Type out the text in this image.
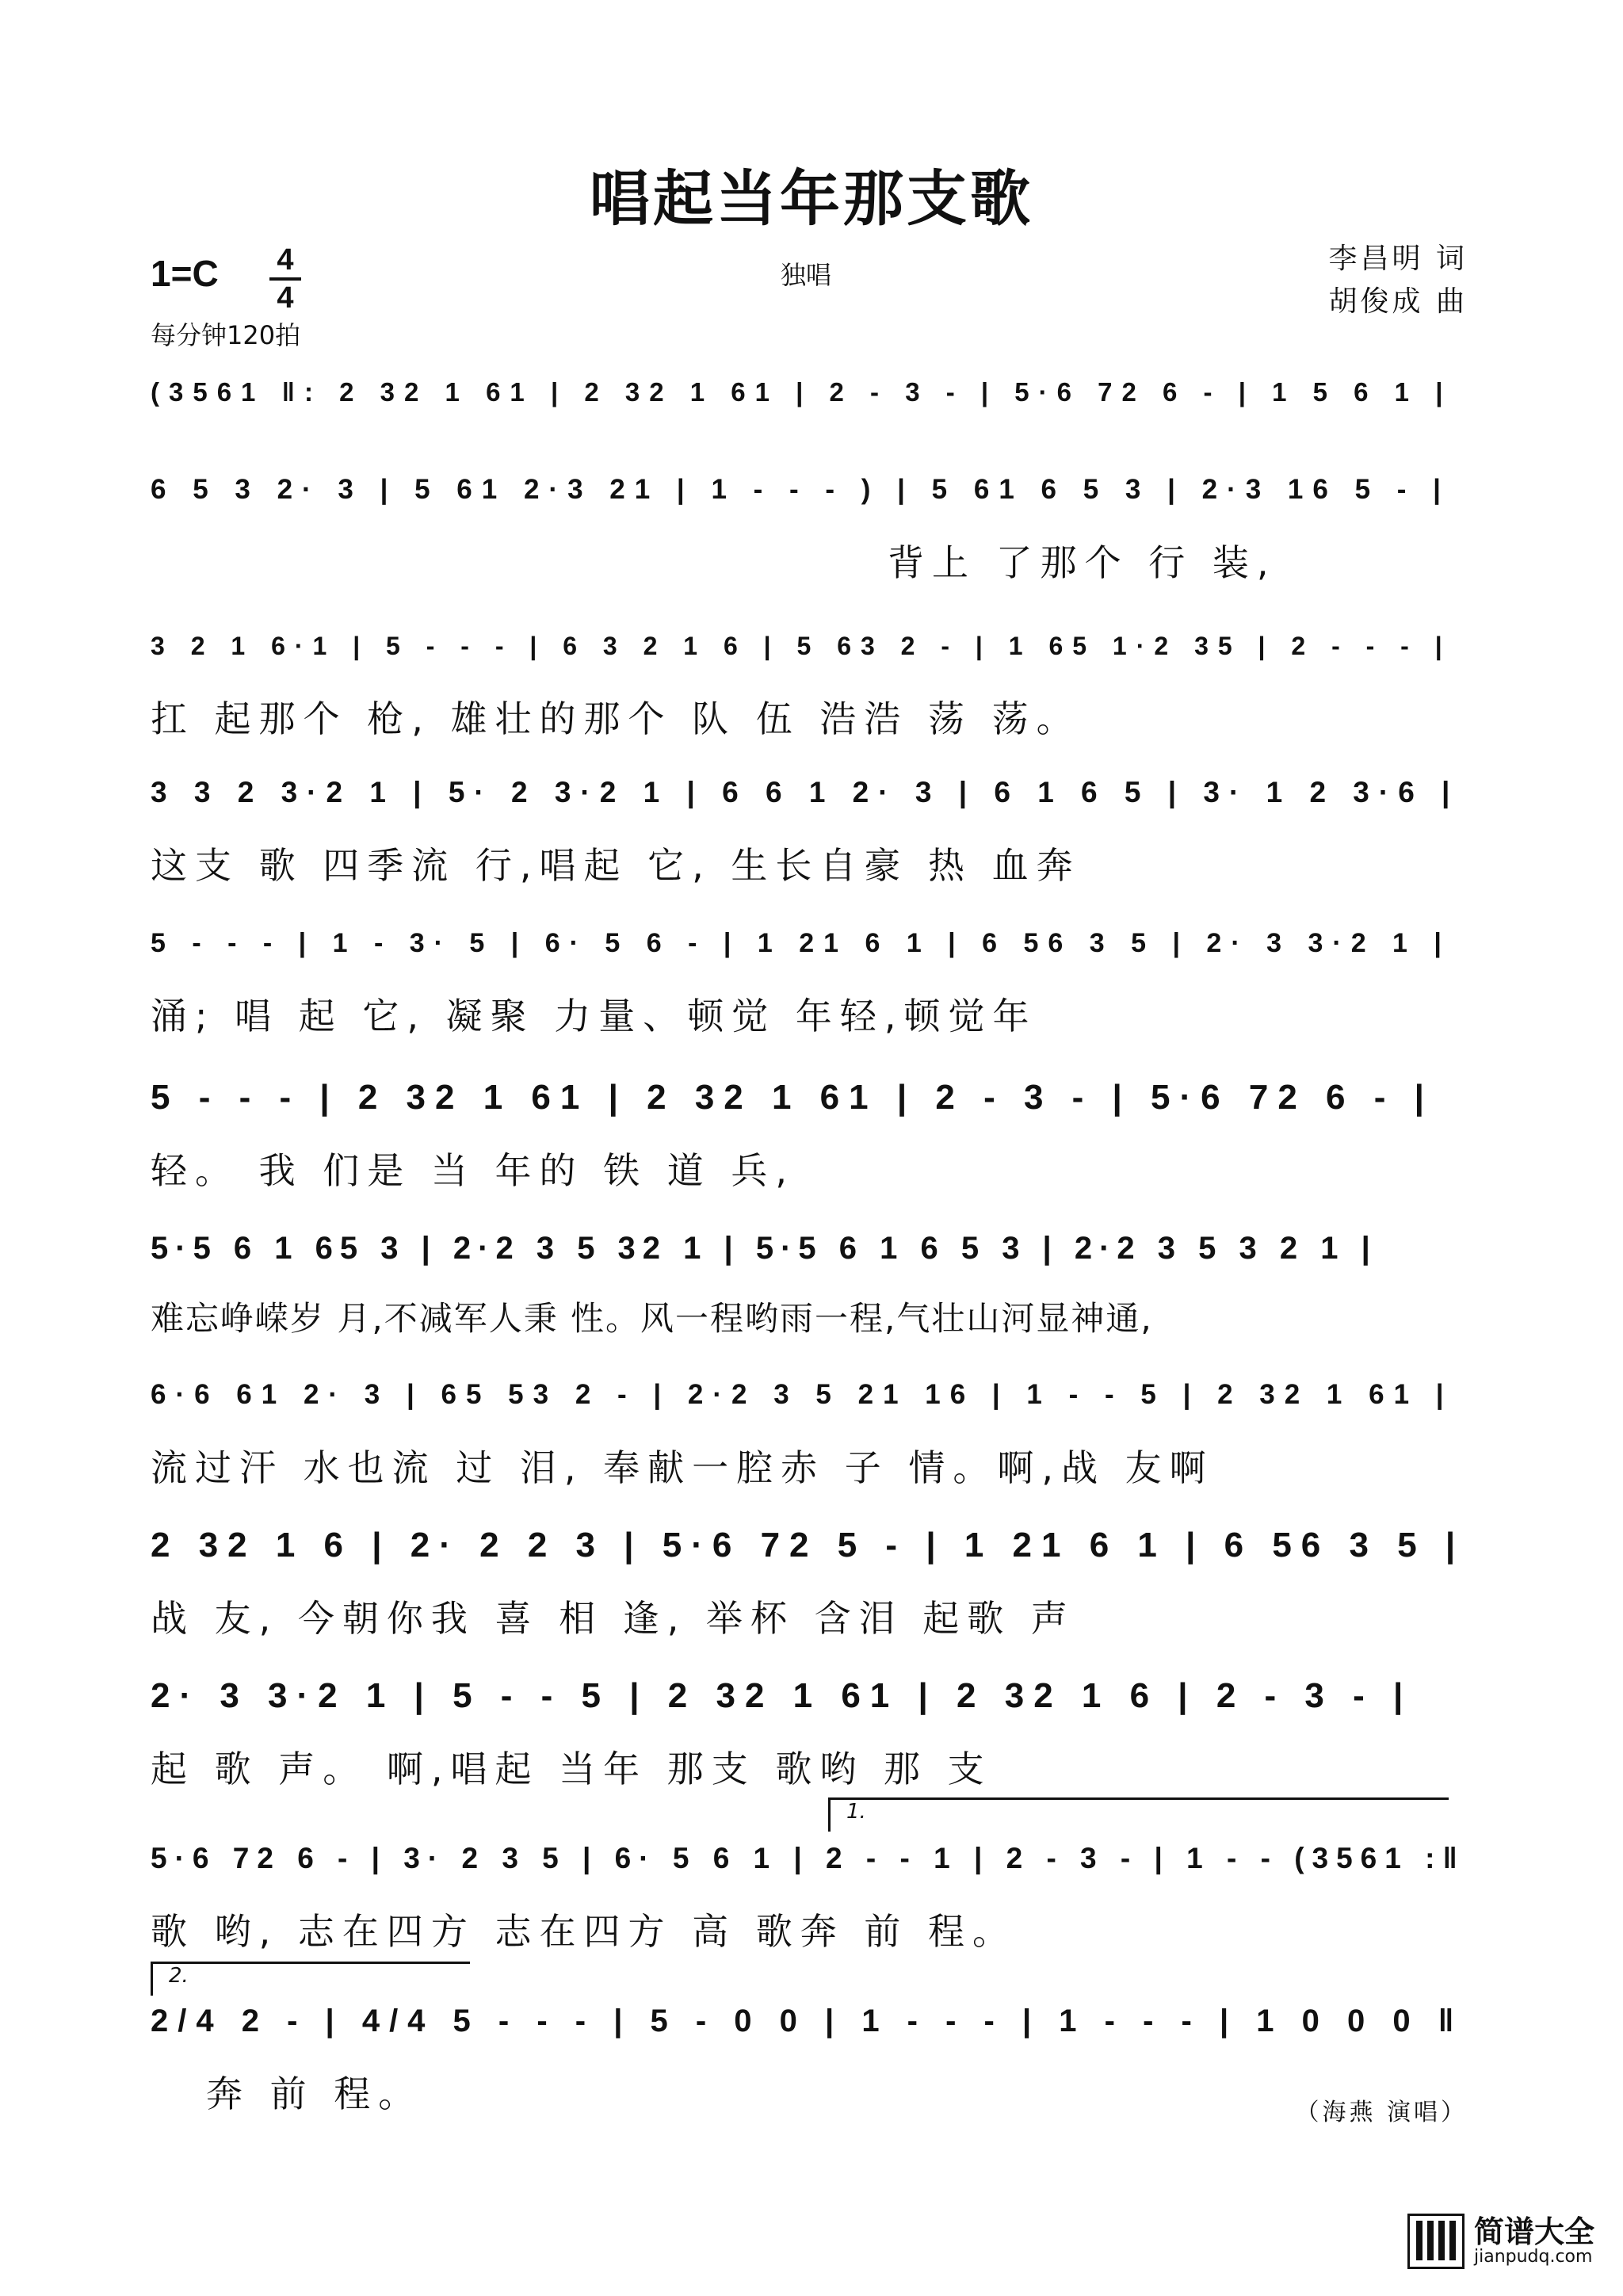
唱起当年那支歌
1=C 4
4
每分钟120拍
独唱	李昌明 词
胡俊成 曲
(3561 ‖: 2 32 1 61 | 2 32 1 61 | 2 - 3 - | 5·6 72 6 - | 1 5 6 1 |
6 5 3 2· 3 | 5 61 2·3 21 | 1 - - - ) | 5 61 6 5 3 | 2·3 16 5 - |
背上 了那个 行 装,
3 2 1 6·1 | 5 - - - | 6 3 2 1 6 | 5 63 2 - | 1 65 1·2 35 | 2 - - - |
扛 起那个 枪, 雄壮的那个 队 伍 浩浩 荡 荡。
3 3 2 3·2 1 | 5· 2 3·2 1 | 6 6 1 2· 3 | 6 1 6 5 | 3· 1 2 3·6 |
这支 歌 四季流 行,唱起 它, 生长自豪 热 血奔
5 - - - | 1 - 3· 5 | 6· 5 6 - | 1 21 6 1 | 6 56 3 5 | 2· 3 3·2 1 |
涌; 唱 起 它, 凝聚 力量、顿觉 年轻,顿觉年
5 - - - | 2 32 1 61 | 2 32 1 61 | 2 - 3 - | 5·6 72 6 - |
轻。 我 们是 当 年的 铁 道 兵,
5·5 6 1 65 3 | 2·2 3 5 32 1 | 5·5 6 1 6 5 3 | 2·2 3 5 3 2 1 |
难忘峥嵘岁 月,不减军人秉 性。风一程哟雨一程,气壮山河显神通,
6·6 61 2· 3 | 65 53 2 - | 2·2 3 5 21 16 | 1 - - 5 | 2 32 1 61 |
流过汗 水也流 过 泪, 奉献一腔赤 子 情。啊,战 友啊
2 32 1 6 | 2· 2 2 3 | 5·6 72 5 - | 1 21 6 1 | 6 56 3 5 |
战 友, 今朝你我 喜 相 逢, 举杯 含泪 起歌 声
2· 3 3·2 1 | 5 - - 5 | 2 32 1 61 | 2 32 1 6 | 2 - 3 - |
起 歌 声。 啊,唱起 当年 那支 歌哟 那 支
1.
5·6 72 6 - | 3· 2 3 5 | 6· 5 6 1 | 2 - - 1 | 2 - 3 - | 1 - - (3561 :‖
歌 哟, 志在四方 志在四方 高 歌奔 前 程。
2.
2/4 2 - | 4/4 5 - - - | 5 - 0 0 | 1 - - - | 1 - - - | 1 0 0 0 ‖
奔 前 程。	（海燕 演唱）
简谱大全
jianpudq.com
